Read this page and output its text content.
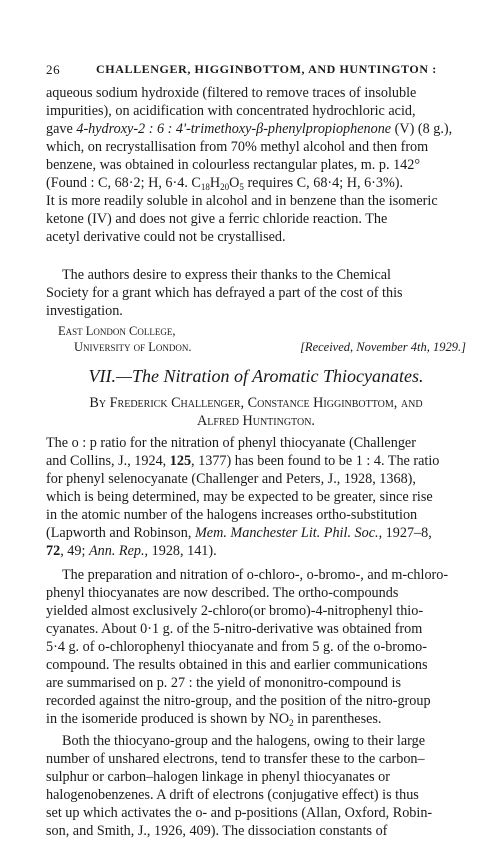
26	CHALLENGER, HIGGINBOTTOM, AND HUNTINGTON :
aqueous sodium hydroxide (filtered to remove traces of insoluble
impurities), on acidification with concentrated hydrochloric acid,
gave 4-hydroxy-2 : 6 : 4'-trimethoxy-β-phenylpropiophenone (V) (8 g.),
which, on recrystallisation from 70% methyl alcohol and then from
benzene, was obtained in colourless rectangular plates, m. p. 142°
(Found : C, 68·2; H, 6·4. $C_{18}H_{20}O_5$ requires C, 68·4; H, 6·3%).
It is more readily soluble in alcohol and in benzene than the isomeric
ketone (IV) and does not give a ferric chloride reaction. The
acetyl derivative could not be crystallised.
The authors desire to express their thanks to the Chemical
Society for a grant which has defrayed a part of the cost of this
investigation.
East London College,
University of London.	[Received, November 4th, 1929.]
VII.—The Nitration of Aromatic Thiocyanates.
By Frederick Challenger, Constance Higginbottom, and
Alfred Huntington.
The o : p ratio for the nitration of phenyl thiocyanate (Challenger
and Collins, J., 1924, 125, 1377) has been found to be 1 : 4. The ratio
for phenyl selenocyanate (Challenger and Peters, J., 1928, 1368),
which is being determined, may be expected to be greater, since rise
in the atomic number of the halogens increases ortho-substitution
(Lapworth and Robinson, Mem. Manchester Lit. Phil. Soc., 1927–8,
72, 49; Ann. Rep., 1928, 141).
The preparation and nitration of o-chloro-, o-bromo-, and m-chloro-
phenyl thiocyanates are now described. The ortho-compounds
yielded almost exclusively 2-chloro(or bromo)-4-nitrophenyl thio-
cyanates. About 0·1 g. of the 5-nitro-derivative was obtained from
5·4 g. of o-chlorophenyl thiocyanate and from 5 g. of the o-bromo-
compound. The results obtained in this and earlier communications
are summarised on p. 27 : the yield of mononitro-compound is
recorded against the nitro-group, and the position of the nitro-group
in the isomeride produced is shown by $NO_2$ in parentheses.
Both the thiocyano-group and the halogens, owing to their large
number of unshared electrons, tend to transfer these to the carbon–
sulphur or carbon–halogen linkage in phenyl thiocyanates or
halogenobenzenes. A drift of electrons (conjugative effect) is thus
set up which activates the o- and p-positions (Allan, Oxford, Robin-
son, and Smith, J., 1926, 409). The dissociation constants of
